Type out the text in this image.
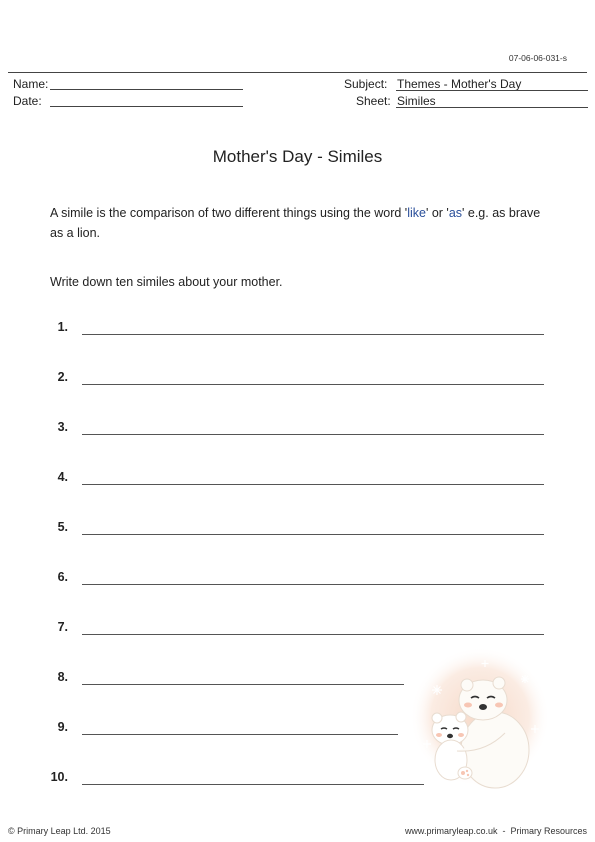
07-06-06-031-s
Name:
Date:
Subject: Themes - Mother's Day
Sheet: Similes
Mother's Day - Similes
A simile is the comparison of two different things using the word 'like' or 'as' e.g. as brave as a lion.
Write down ten similes about your mother.
1.
2.
3.
4.
5.
6.
7.
8.
9.
10.
© Primary Leap Ltd. 2015	www.primaryleap.co.uk  -  Primary Resources
